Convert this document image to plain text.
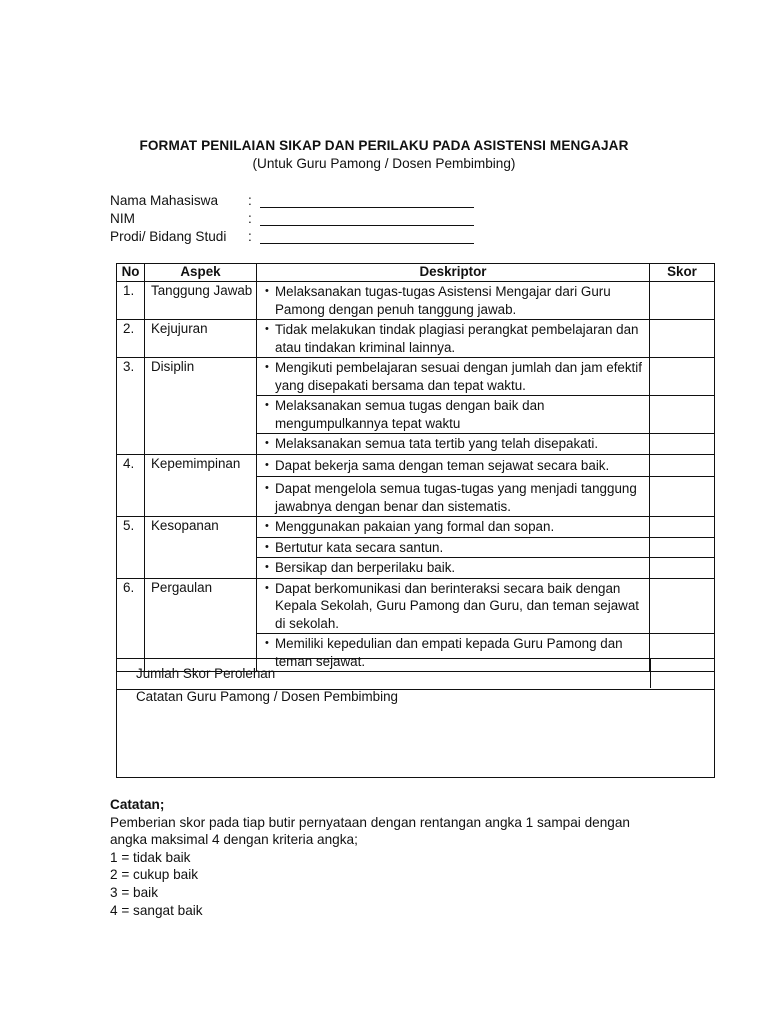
FORMAT PENILAIAN SIKAP DAN PERILAKU PADA ASISTENSI MENGAJAR
(Untuk Guru Pamong / Dosen Pembimbing)
Nama Mahasiswa :
NIM	:
Prodi/ Bidang Studi :
No	Aspek	Deskriptor	Skor
1.	Tanggung Jawab	• Melaksanakan tugas-tugas Asistensi Mengajar dari Guru Pamong dengan penuh tanggung jawab.	

2.	Kejujuran	• Tidak melakukan tindak plagiasi perangkat pembelajaran dan atau tindakan kriminal lainnya.	

3.	Disiplin	• Mengikuti pembelajaran sesuai dengan jumlah dan jam efektif yang disepakati bersama dan tepat waktu.	

		• Melaksanakan semua tugas dengan baik dan mengumpulkannya tepat waktu	

		• Melaksanakan semua tata tertib yang telah disepakati.	

4.	Kepemimpinan	• Dapat bekerja sama dengan teman sejawat secara baik.	

		• Dapat mengelola semua tugas-tugas yang menjadi tanggung jawabnya dengan benar dan sistematis.	

5.	Kesopanan	• Menggunakan pakaian yang formal dan sopan.	

		• Bertutur kata secara santun.	

		• Bersikap dan berperilaku baik.	

6.	Pergaulan	• Dapat berkomunikasi dan berinteraksi secara baik dengan Kepala Sekolah, Guru Pamong dan Guru, dan teman sejawat di sekolah.	

		• Memiliki kepedulian dan empati kepada Guru Pamong dan teman sejawat.	

Jumlah Skor Perolehan
Catatan Guru Pamong / Dosen Pembimbing
Catatan;
Pemberian skor pada tiap butir pernyataan dengan rentangan angka 1 sampai dengan angka maksimal 4 dengan kriteria angka;
1 = tidak baik
2 = cukup baik
3 = baik
4 = sangat baik
